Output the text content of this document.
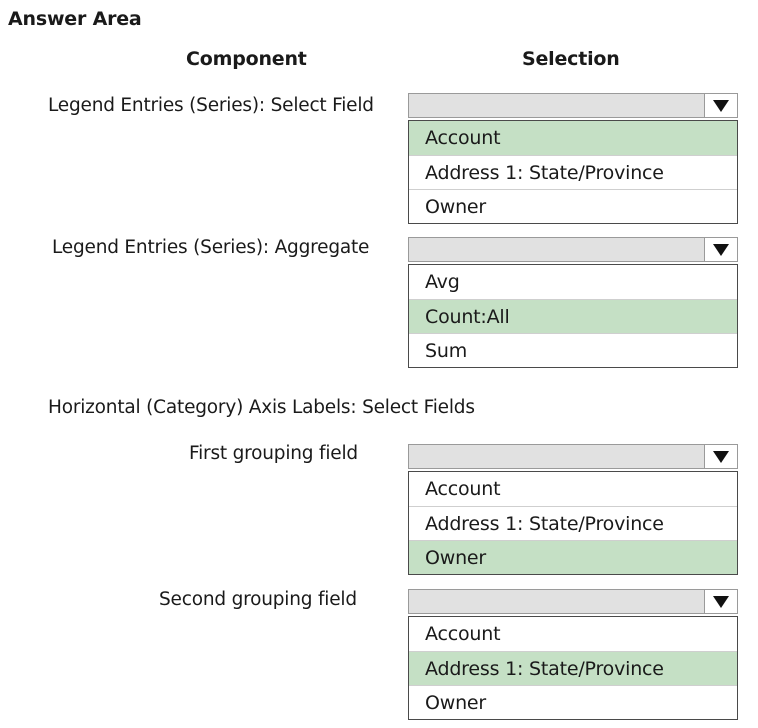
Answer Area
Component	Selection
Legend Entries (Series): Select Field
Account
Address 1: State/Province
Owner
Legend Entries (Series): Aggregate
Avg
Count:All
Sum
Horizontal (Category) Axis Labels: Select Fields
First grouping field
Account
Address 1: State/Province
Owner
Second grouping field
Account
Address 1: State/Province
Owner
